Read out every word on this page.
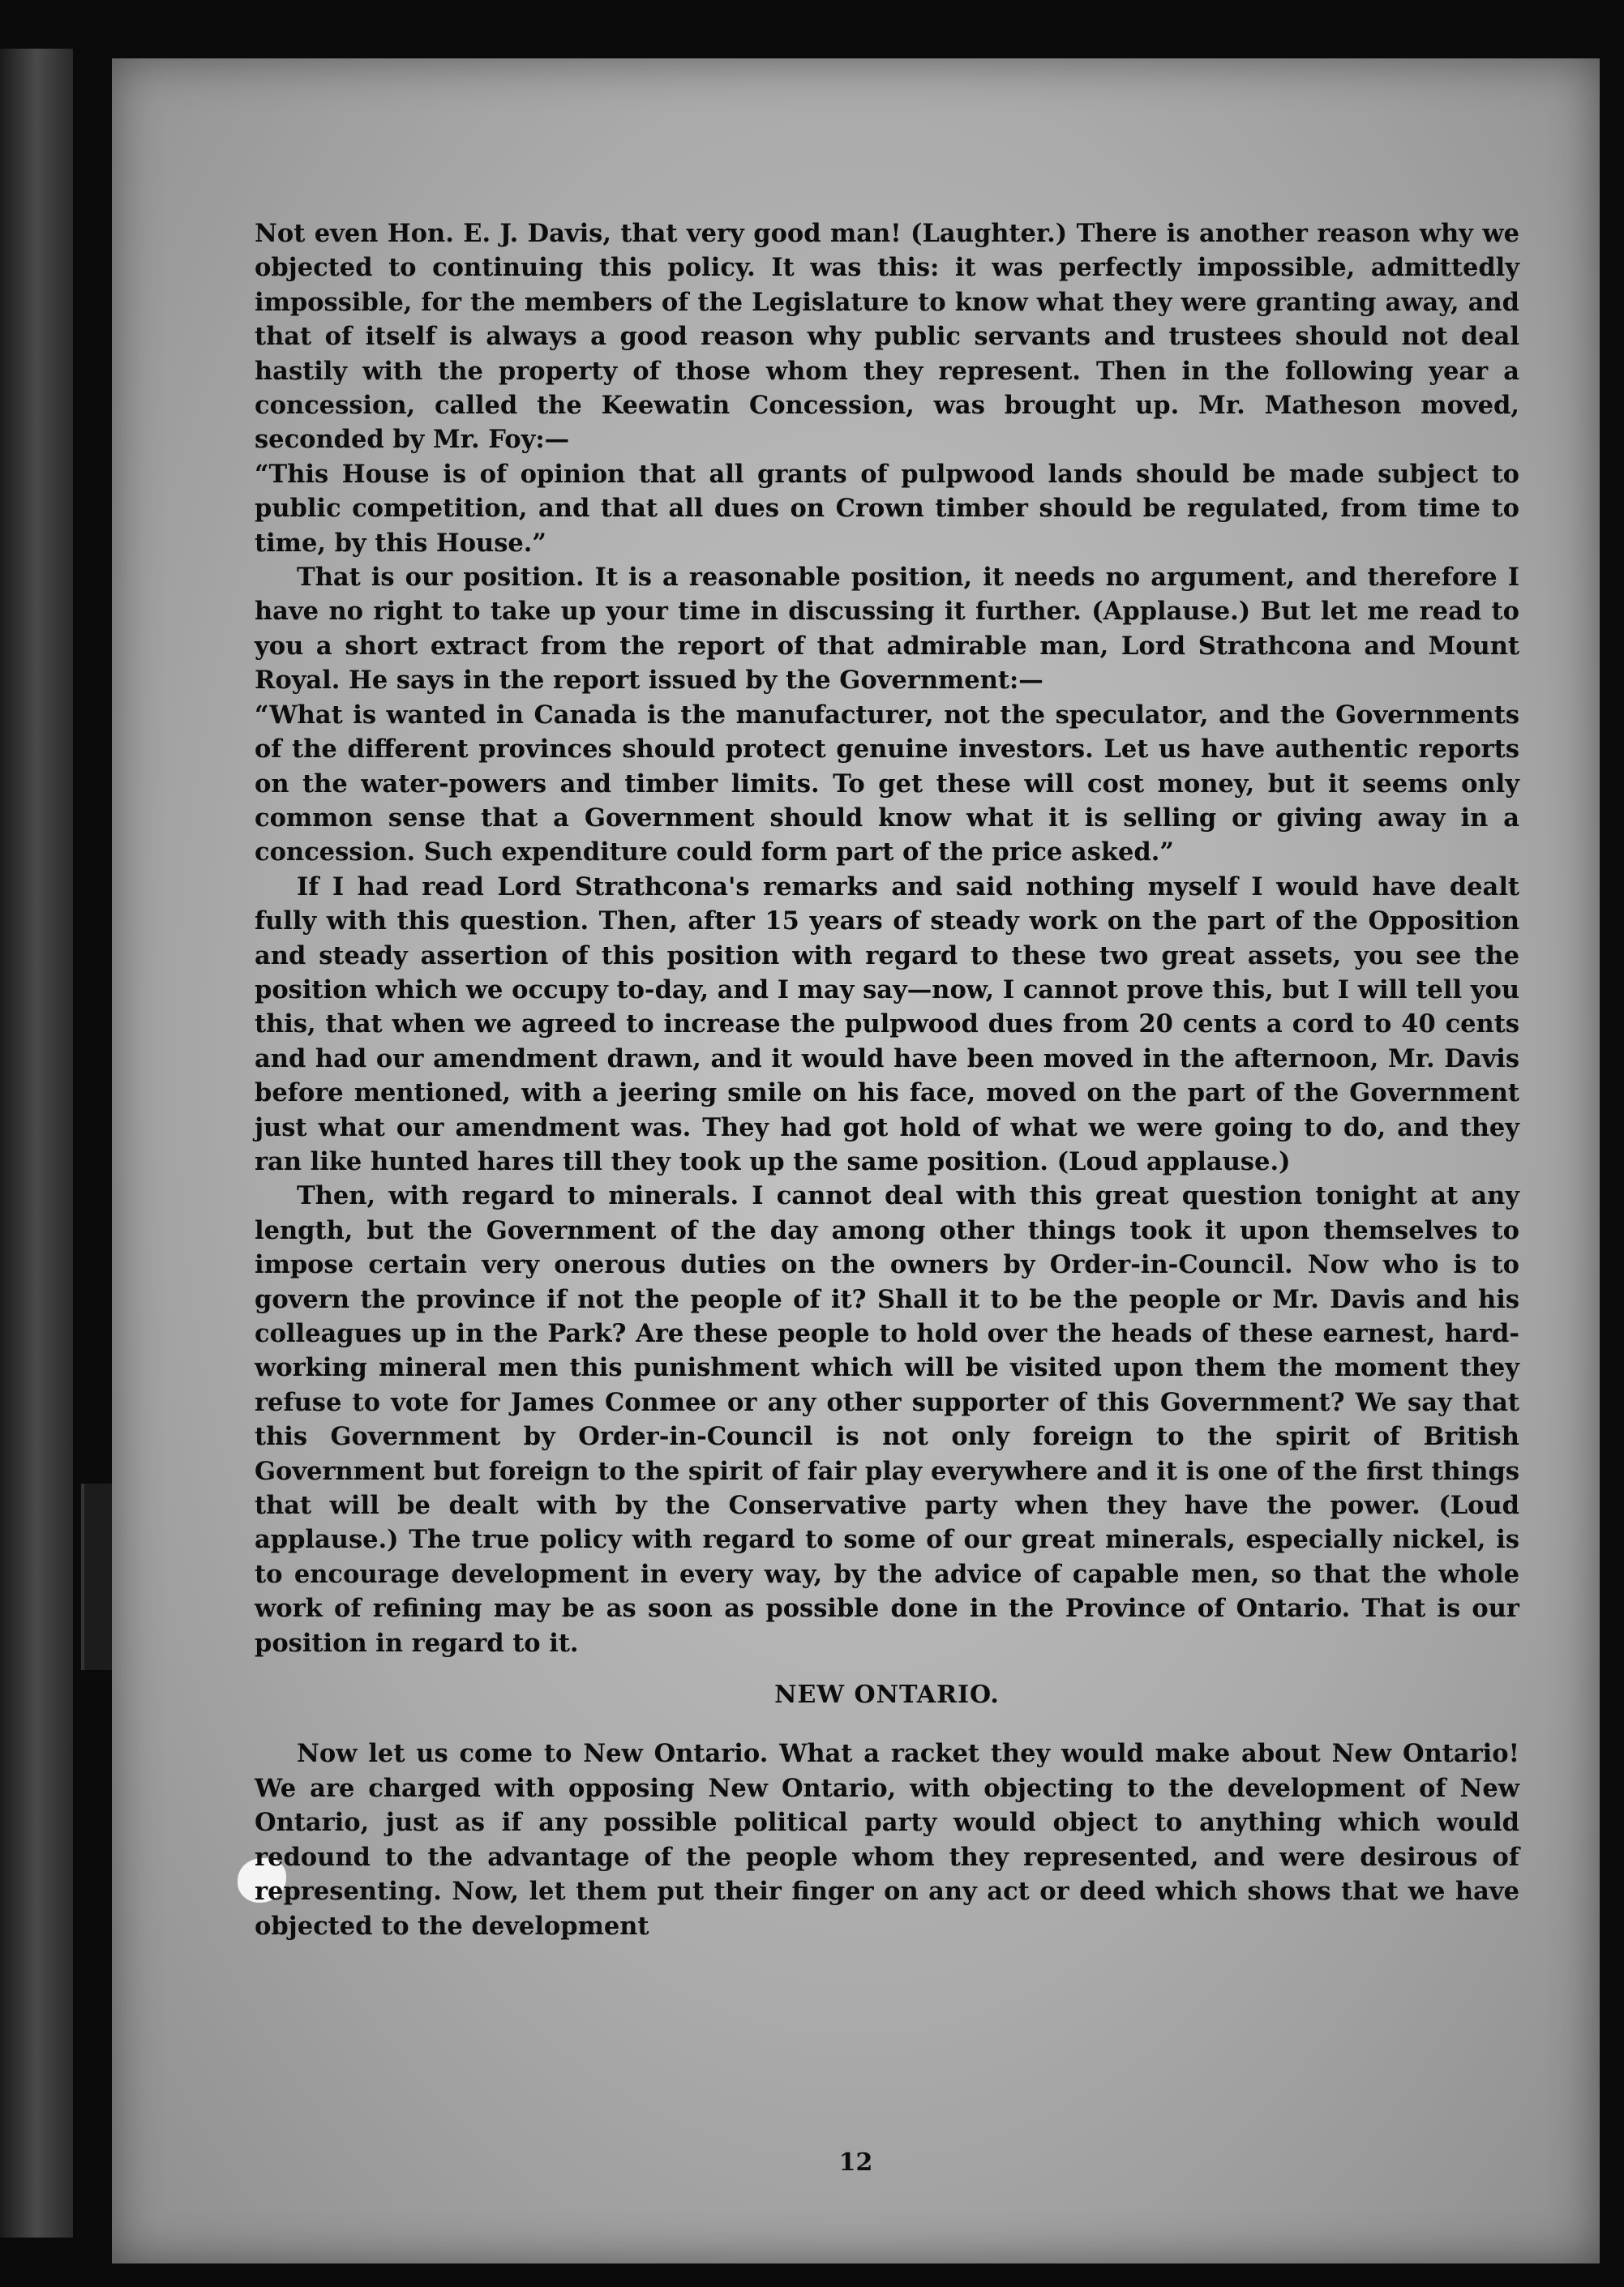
Not even Hon. E. J. Davis, that very good man! (Laughter.) There is another reason why we objected to continuing this policy. It was this: it was perfectly impossible, admittedly impossible, for the members of the Legislature to know what they were granting away, and that of itself is always a good reason why public servants and trustees should not deal hastily with the property of those whom they represent. Then in the following year a concession, called the Keewatin Concession, was brought up. Mr. Matheson moved, seconded by Mr. Foy:—

“This House is of opinion that all grants of pulpwood lands should be made subject to public competition, and that all dues on Crown timber should be regulated, from time to time, by this House.”

That is our position. It is a reasonable position, it needs no argument, and therefore I have no right to take up your time in discussing it further. (Applause.) But let me read to you a short extract from the report of that admirable man, Lord Strathcona and Mount Royal. He says in the report issued by the Government:—

“What is wanted in Canada is the manufacturer, not the speculator, and the Governments of the different provinces should protect genuine investors. Let us have authentic reports on the water-powers and timber limits. To get these will cost money, but it seems only common sense that a Government should know what it is selling or giving away in a concession. Such expenditure could form part of the price asked.”

If I had read Lord Strathcona's remarks and said nothing myself I would have dealt fully with this question. Then, after 15 years of steady work on the part of the Opposition and steady assertion of this position with regard to these two great assets, you see the position which we occupy to-day, and I may say—now, I cannot prove this, but I will tell you this, that when we agreed to increase the pulpwood dues from 20 cents a cord to 40 cents and had our amendment drawn, and it would have been moved in the afternoon, Mr. Davis before mentioned, with a jeering smile on his face, moved on the part of the Government just what our amendment was. They had got hold of what we were going to do, and they ran like hunted hares till they took up the same position. (Loud applause.)

Then, with regard to minerals. I cannot deal with this great question tonight at any length, but the Government of the day among other things took it upon themselves to impose certain very onerous duties on the owners by Order-in-Council. Now who is to govern the province if not the people of it? Shall it to be the people or Mr. Davis and his colleagues up in the Park? Are these people to hold over the heads of these earnest, hard-working mineral men this punishment which will be visited upon them the moment they refuse to vote for James Conmee or any other supporter of this Government? We say that this Government by Order-in-Council is not only foreign to the spirit of British Government but foreign to the spirit of fair play everywhere and it is one of the first things that will be dealt with by the Conservative party when they have the power. (Loud applause.) The true policy with regard to some of our great minerals, especially nickel, is to encourage development in every way, by the advice of capable men, so that the whole work of refining may be as soon as possible done in the Province of Ontario. That is our position in regard to it.

NEW ONTARIO.

Now let us come to New Ontario. What a racket they would make about New Ontario! We are charged with opposing New Ontario, with objecting to the development of New Ontario, just as if any possible political party would object to anything which would redound to the advantage of the people whom they represented, and were desirous of representing. Now, let them put their finger on any act or deed which shows that we have objected to the development

12
